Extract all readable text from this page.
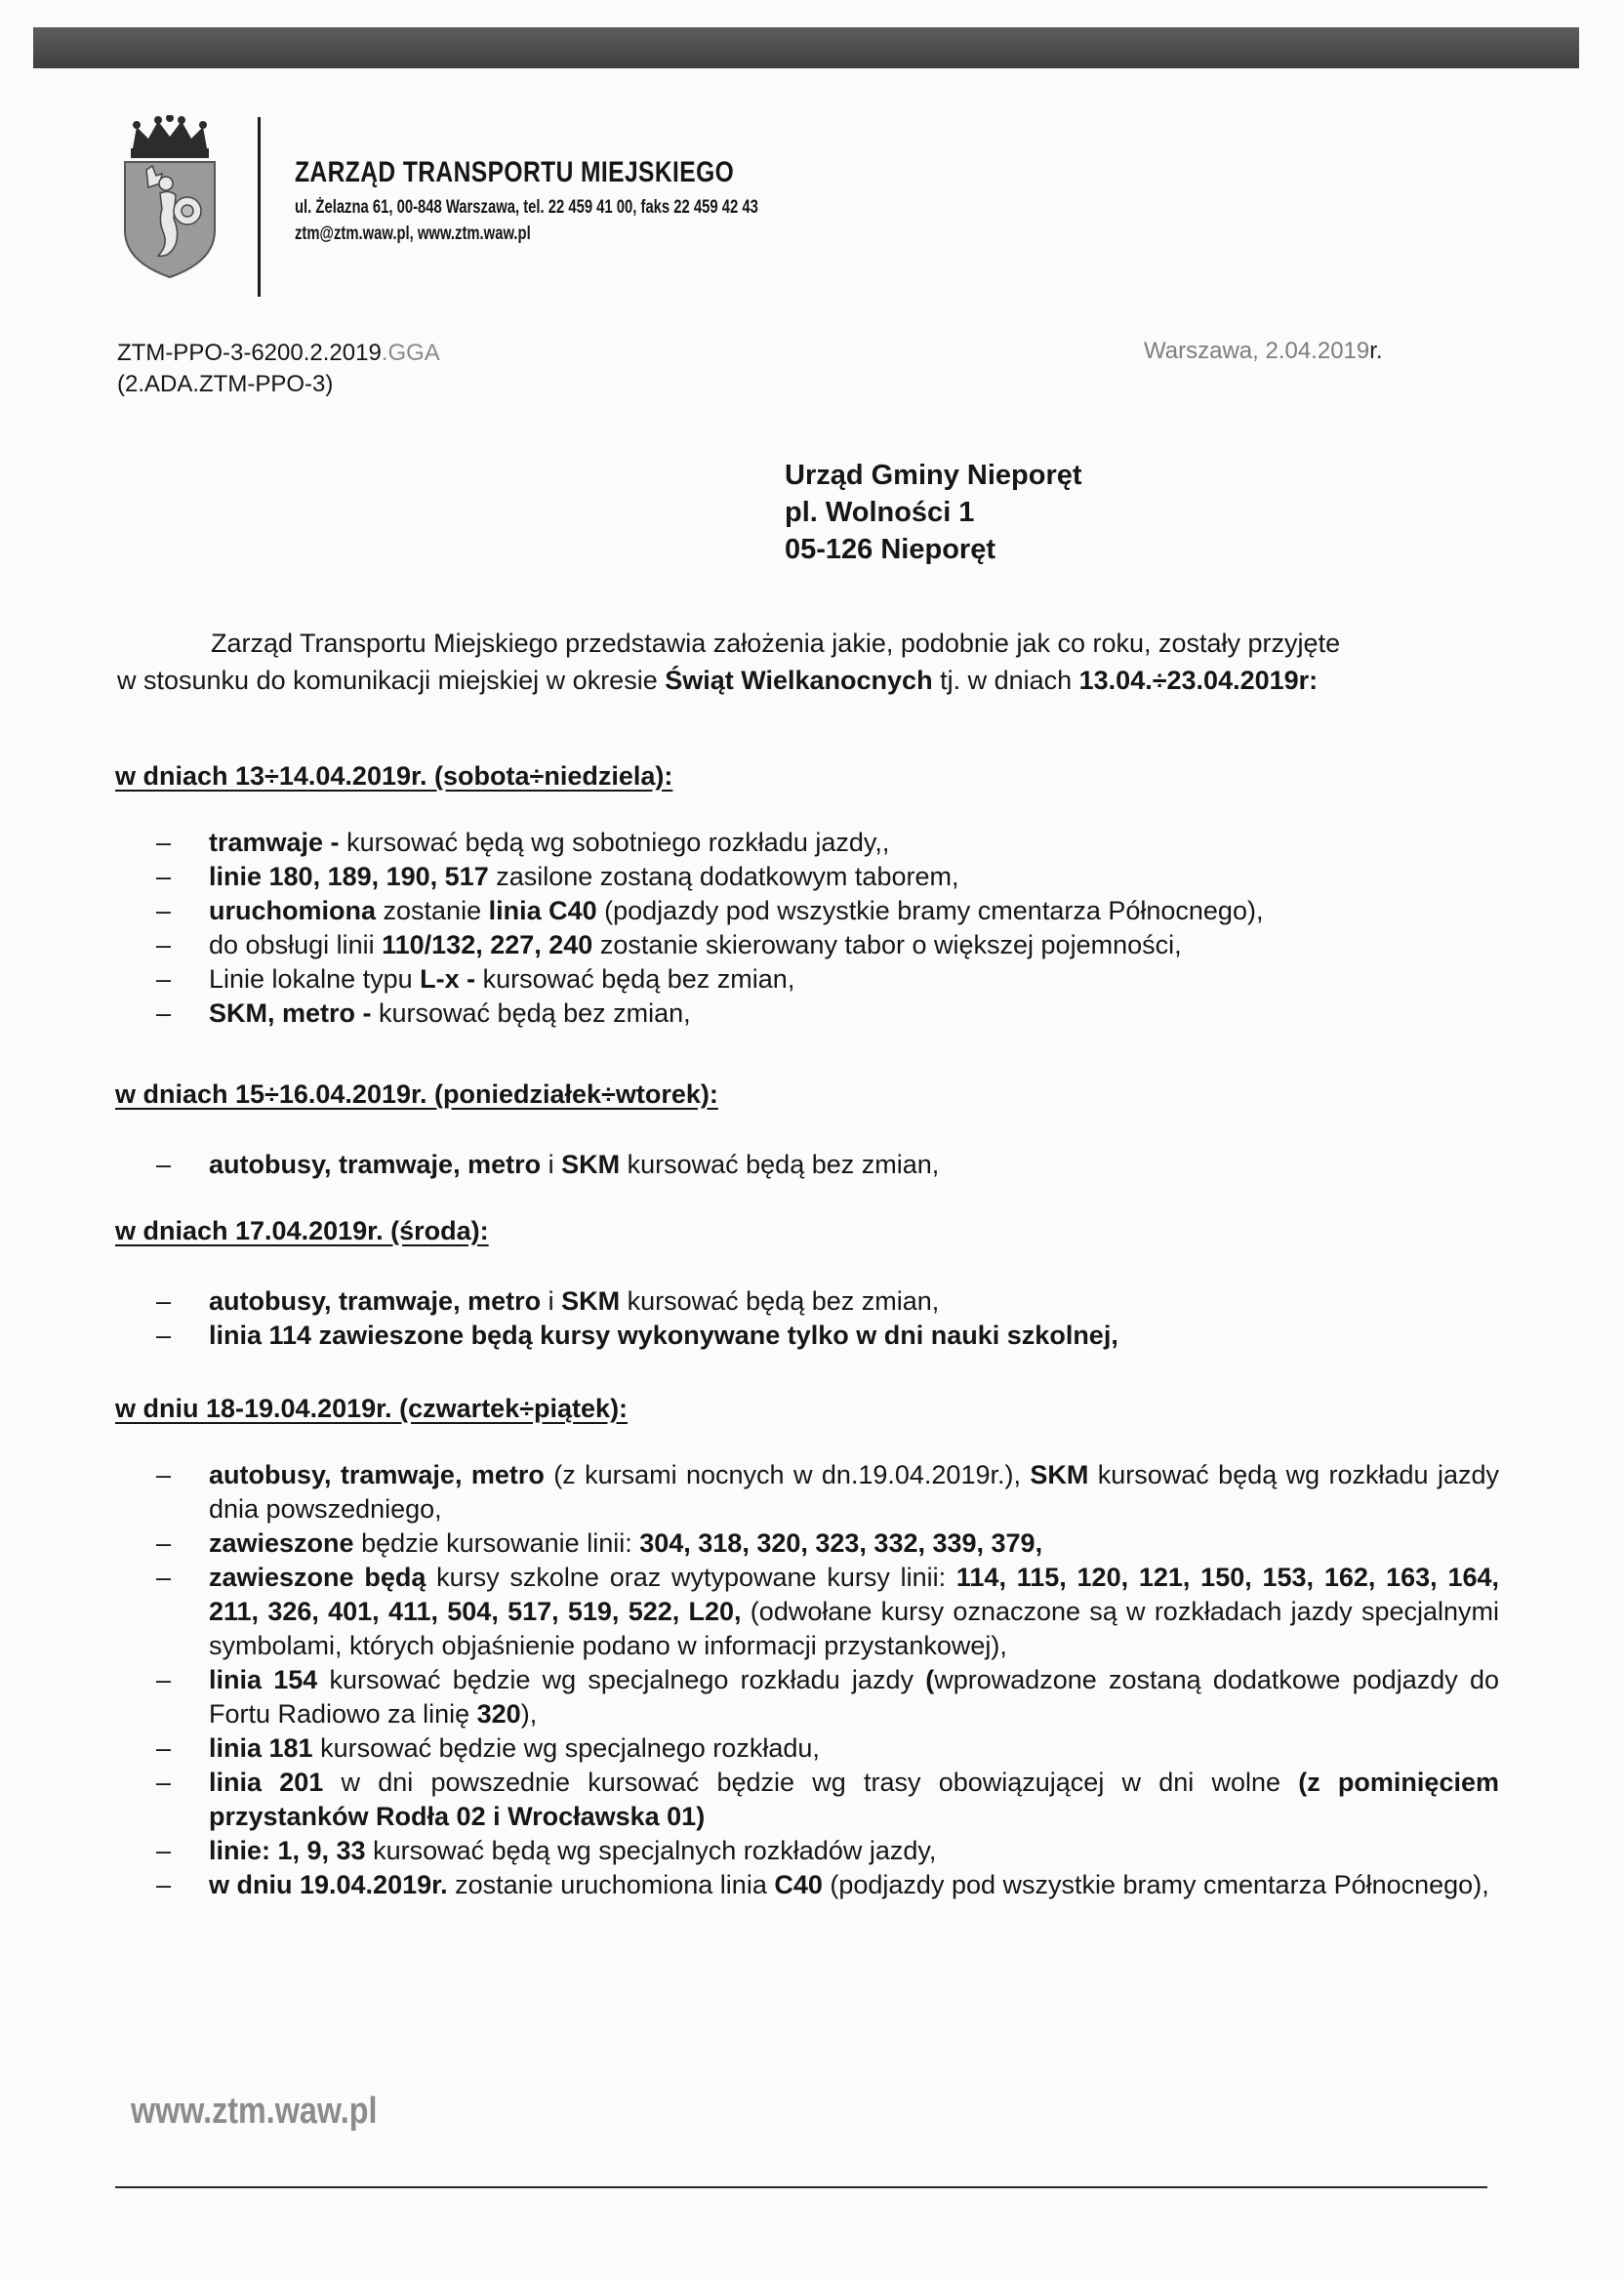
ZARZĄD TRANSPORTU MIEJSKIEGO
ul. Żelazna 61, 00-848 Warszawa, tel. 22 459 41 00, faks 22 459 42 43
ztm@ztm.waw.pl, www.ztm.waw.pl
ZTM-PPO-3-6200.2.2019.GGA
(2.ADA.ZTM-PPO-3)
Warszawa, 2.04.2019r.
Urząd Gminy Nieporęt
pl. Wolności 1
05-126 Nieporęt

Zarząd Transportu Miejskiego przedstawia założenia jakie, podobnie jak co roku, zostały przyjęte

w stosunku do komunikacji miejskiej w okresie Świąt Wielkanocnych tj. w dniach 13.04.÷23.04.2019r:

w dniach 13÷14.04.2019r. (sobota÷niedziela):
– tramwaje - kursować będą wg sobotniego rozkładu jazdy,,
– linie 180, 189, 190, 517 zasilone zostaną dodatkowym taborem,
– uruchomiona zostanie linia C40 (podjazdy pod wszystkie bramy cmentarza Północnego),
– do obsługi linii 110/132, 227, 240 zostanie skierowany tabor o większej pojemności,
– Linie lokalne typu L-x - kursować będą bez zmian,
– SKM, metro - kursować będą bez zmian,
w dniach 15÷16.04.2019r. (poniedziałek÷wtorek):
– autobusy, tramwaje, metro i SKM kursować będą bez zmian,
w dniach 17.04.2019r. (środa):
– autobusy, tramwaje, metro i SKM kursować będą bez zmian,
– linia 114 zawieszone będą kursy wykonywane tylko w dni nauki szkolnej,
w dniu 18-19.04.2019r. (czwartek÷piątek):
– autobusy, tramwaje, metro (z kursami nocnych w dn.19.04.2019r.), SKM kursować będą wg rozkładu jazdy dnia powszedniego,
– zawieszone będzie kursowanie linii: 304, 318, 320, 323, 332, 339, 379,
– zawieszone będą kursy szkolne oraz wytypowane kursy linii: 114, 115, 120, 121, 150, 153, 162, 163, 164, 211, 326, 401, 411, 504, 517, 519, 522, L20, (odwołane kursy oznaczone są w rozkładach jazdy specjalnymi symbolami, których objaśnienie podano w informacji przystankowej),
– linia 154 kursować będzie wg specjalnego rozkładu jazdy (wprowadzone zostaną dodatkowe podjazdy do Fortu Radiowo za linię 320),
– linia 181 kursować będzie wg specjalnego rozkładu,
– linia 201 w dni powszednie kursować będzie wg trasy obowiązującej w dni wolne (z pominięciem przystanków Rodła 02 i Wrocławska 01)
– linie: 1, 9, 33 kursować będą wg specjalnych rozkładów jazdy,
– w dniu 19.04.2019r. zostanie uruchomiona linia C40 (podjazdy pod wszystkie bramy cmentarza Północnego),
www.ztm.waw.pl
